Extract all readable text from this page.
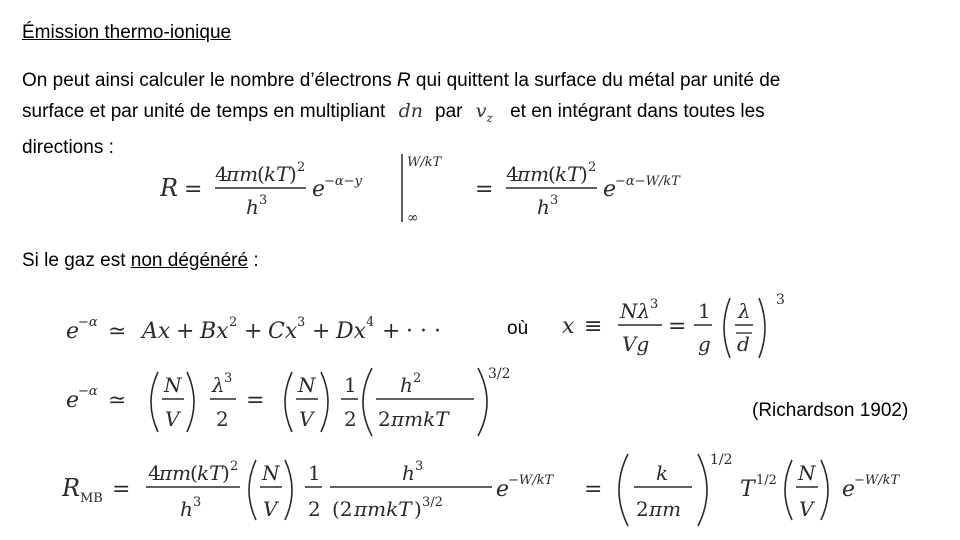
Émission thermo-ionique
On peut ainsi calculer le nombre d’électrons R qui quittent la surface du métal par unité de
surface et par unité de temps en multipliant dn par $v_z$ et en intégrant dans toutes les
directions :
R =
4
πm
( kT ) 2
h 3 e
−α−y
W/kT
∞
=
4
πm
( kT ) 2
h 3 e
−α−W/kT
Si le gaz est non dégénéré :
e
−α ≃ Ax + Bx 2 + Cx 3 + Dx 4 + · · ·	où x ≡
Nλ 3
Vg
=
1
g
λ
d
3
e
−α ≃
N
V
λ 3
2
=
N
V
1
2
h 2
2 πmkT
3/2
(Richardson 1902)
R MB =
4
πm
( kT ) 2
h 3
N
V
1
2
h 3
(2 πmkT ) 3/2
e
−W/kT =
k
2 πm
1/2
T 1/2 N
V
e
−W/kT
